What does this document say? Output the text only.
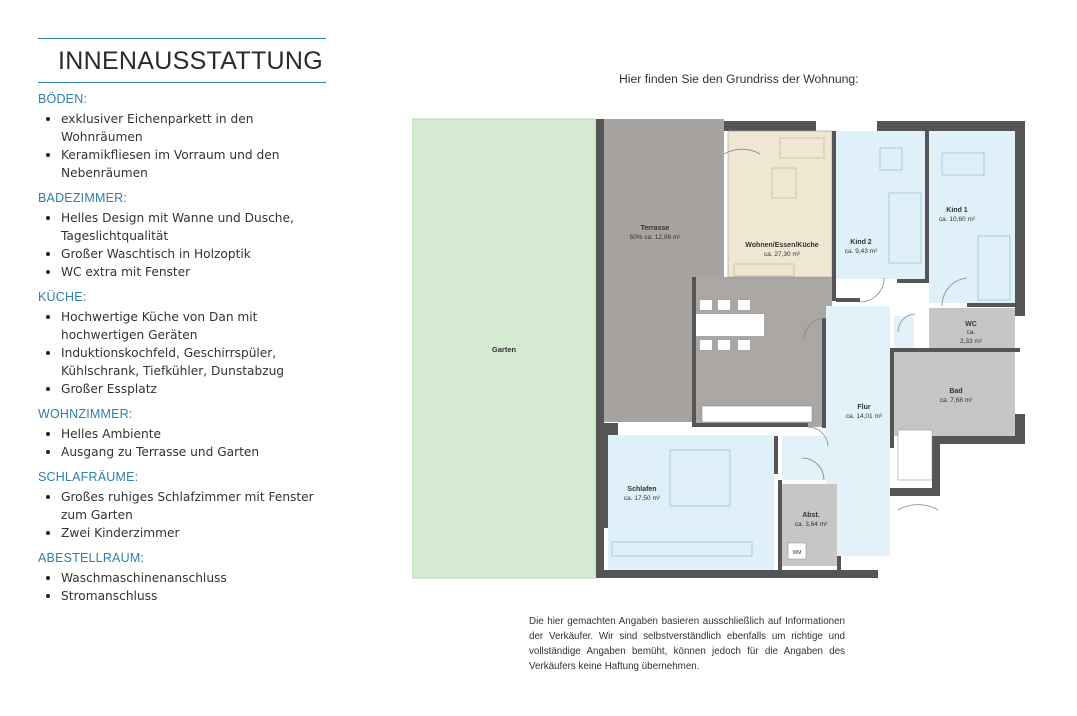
INNENAUSSTATTUNG
BÖDEN:
exklusiver Eichenparkett in den Wohnräumen
Keramikfliesen im Vorraum und den Nebenräumen
BADEZIMMER:
Helles Design mit Wanne und Dusche, Tageslichtqualität
Großer Waschtisch in Holzoptik
WC extra mit Fenster
KÜCHE:
Hochwertige Küche von Dan mit hochwertigen Geräten
Induktionskochfeld, Geschirrspüler, Kühlschrank, Tiefkühler, Dunstabzug
Großer Essplatz
WOHNZIMMER:
Helles Ambiente
Ausgang zu Terrasse und Garten
SCHLAFRÄUME:
Großes ruhiges Schlafzimmer mit Fenster zum Garten
Zwei Kinderzimmer
ABESTELLRAUM:
Waschmaschinenanschluss
Stromanschluss
Hier finden Sie den Grundriss der Wohnung:
Garten
Terrasse
50% ca. 12,06 m²
Wohnen/Essen/Küche
ca. 27,30 m²
Kind 2
ca. 9,43 m²
Kind 1
ca. 10,60 m²
WC
ca.
2,33 m²
Bad
ca. 7,68 m²
Flur
ca. 14,01 m²
Schlafen
ca. 17,50 m²
Abst.
ca. 3,64 m²
WM
Die hier gemachten Angaben basieren ausschließlich auf Informationen der Verkäufer. Wir sind selbstverständlich ebenfalls um richtige und vollständige Angaben bemüht, können jedoch für die Angaben des Verkäufers keine Haftung übernehmen.
